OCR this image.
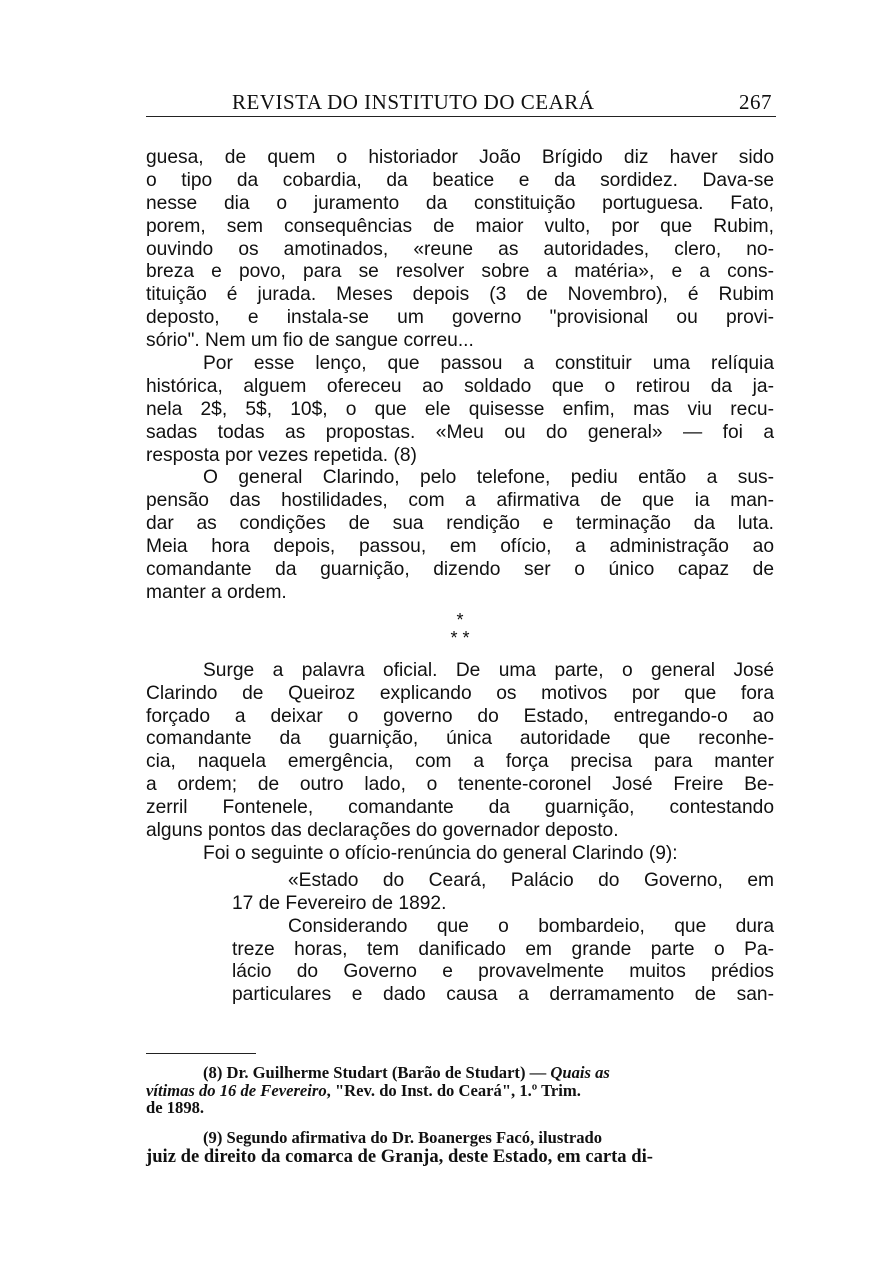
REVISTA DO INSTITUTO DO CEARÁ	267
guesa, de quem o historiador João Brígido diz haver sido
o tipo da cobardia, da beatice e da sordidez. Dava-se
nesse dia o juramento da constituição portuguesa. Fato,
porem, sem consequências de maior vulto, por que Rubim,
ouvindo os amotinados, «reune as autoridades, clero, no-
breza e povo, para se resolver sobre a matéria», e a cons-
tituição é jurada. Meses depois (3 de Novembro), é Rubim
deposto, e instala-se um governo "provisional ou provi-
sório". Nem um fio de sangue correu...
Por esse lenço, que passou a constituir uma relíquia
histórica, alguem ofereceu ao soldado que o retirou da ja-
nela 2$, 5$, 10$, o que ele quisesse enfim, mas viu recu-
sadas todas as propostas. «Meu ou do general» — foi a
resposta por vezes repetida. (8)
O general Clarindo, pelo telefone, pediu então a sus-
pensão das hostilidades, com a afirmativa de que ia man-
dar as condições de sua rendição e terminação da luta.
Meia hora depois, passou, em ofício, a administração ao
comandante da guarnição, dizendo ser o único capaz de
manter a ordem.
*
* *
Surge a palavra oficial. De uma parte, o general José
Clarindo de Queiroz explicando os motivos por que fora
forçado a deixar o governo do Estado, entregando-o ao
comandante da guarnição, única autoridade que reconhe-
cia, naquela emergência, com a força precisa para manter
a ordem; de outro lado, o tenente-coronel José Freire Be-
zerril Fontenele, comandante da guarnição, contestando
alguns pontos das declarações do governador deposto.
Foi o seguinte o ofício-renúncia do general Clarindo (9):
«Estado do Ceará, Palácio do Governo, em
17 de Fevereiro de 1892.
Considerando que o bombardeio, que dura
treze horas, tem danificado em grande parte o Pa-
lácio do Governo e provavelmente muitos prédios
particulares e dado causa a derramamento de san-
(8) Dr. Guilherme Studart (Barão de Studart) — Quais as
vítimas do 16 de Fevereiro, "Rev. do Inst. do Ceará", 1.º Trim.
de 1898.
(9) Segundo afirmativa do Dr. Boanerges Facó, ilustrado
juiz de direito da comarca de Granja, deste Estado, em carta di-
